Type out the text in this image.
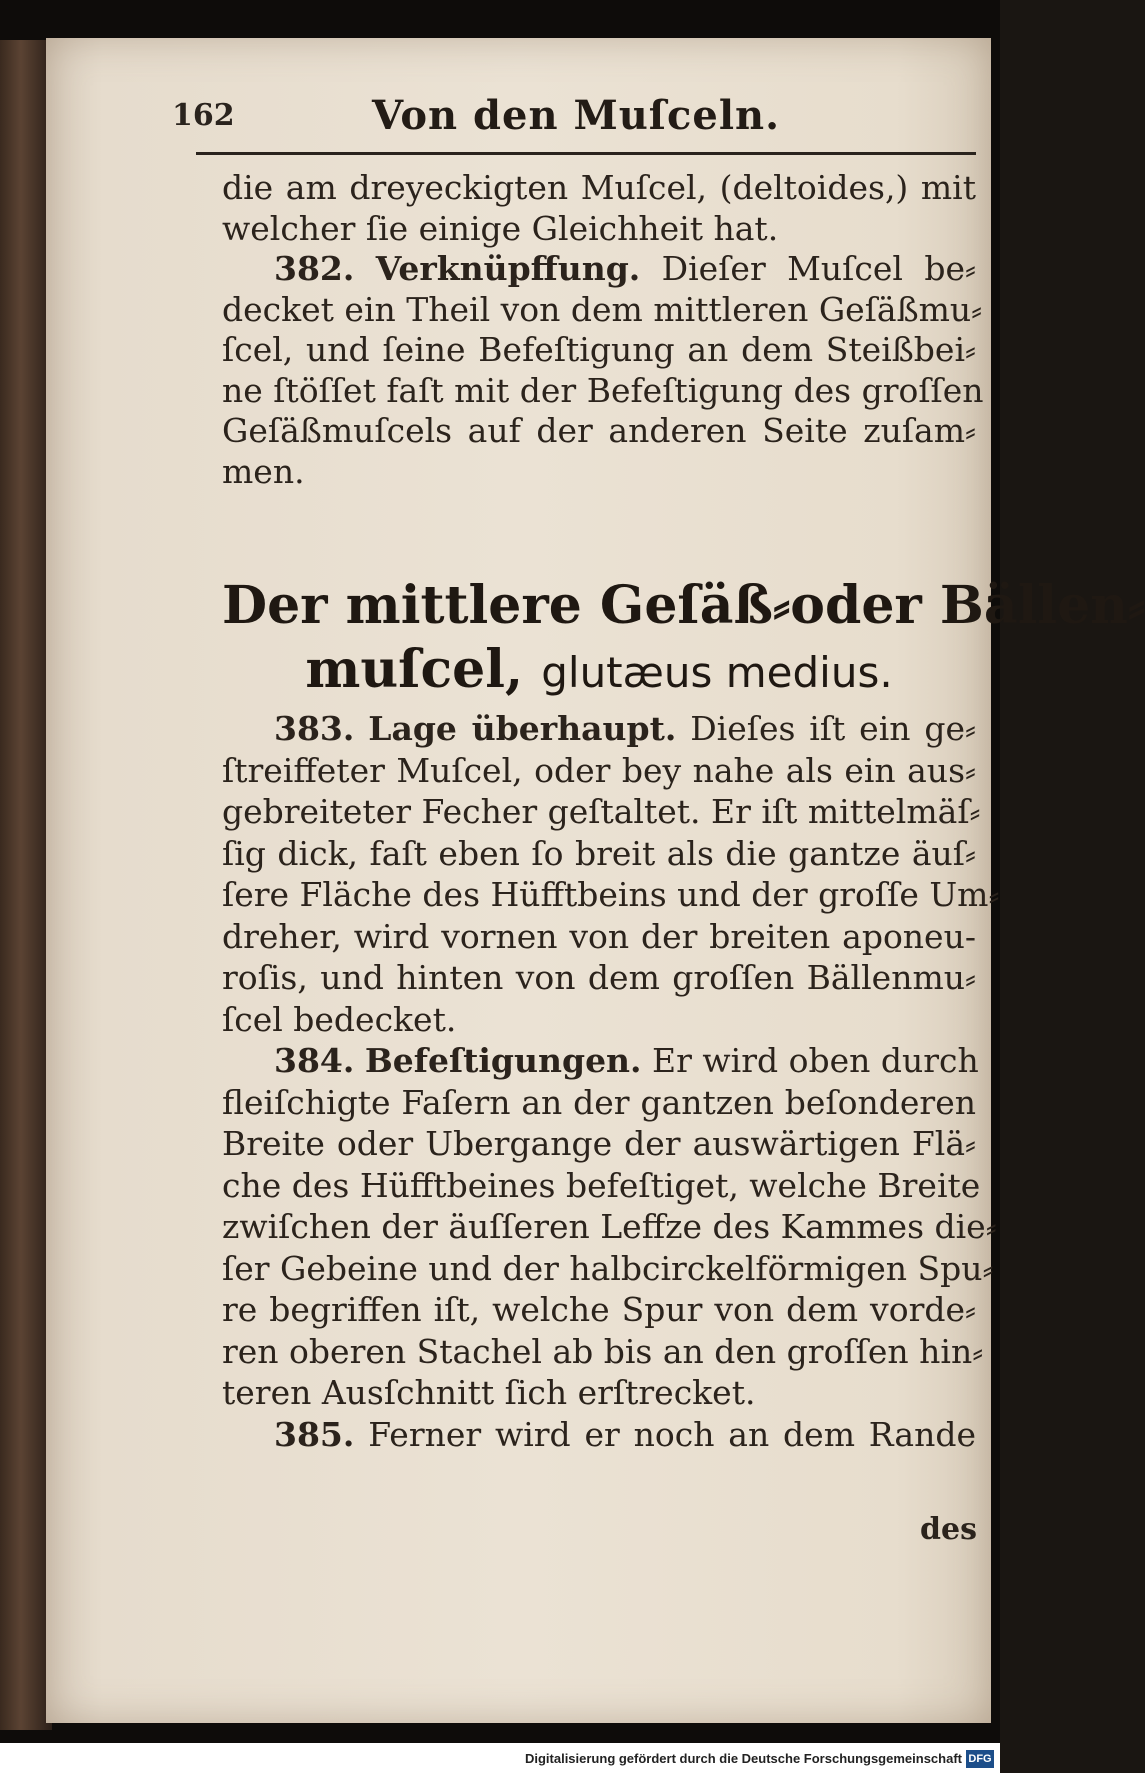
162	Von den Muſceln.
die am dreyeckigten Muſcel, (deltoides,) mit
welcher ſie einige Gleichheit hat.
382. Verknüpffung. Dieſer Muſcel be⸗
decket ein Theil von dem mittleren Geſäßmu⸗
ſcel, und ſeine Befeſtigung an dem Steißbei⸗
ne ſtöſſet faſt mit der Befeſtigung des groſſen
Geſäßmuſcels auf der anderen Seite zuſam⸗
men.
Der mittlere Geſäß⸗oder Bällen⸗
muſcel, glutæus medius.
383. Lage überhaupt. Dieſes iſt ein ge⸗
ſtreiffeter Muſcel, oder bey nahe als ein aus⸗
gebreiteter Fecher geſtaltet. Er iſt mittelmäſ⸗
ſig dick, faſt eben ſo breit als die gantze äuſ⸗
ſere Fläche des Hüfftbeins und der groſſe Um⸗
dreher, wird vornen von der breiten aponeu-
roſis, und hinten von dem groſſen Bällenmu⸗
ſcel bedecket.
384. Befeſtigungen. Er wird oben durch
fleiſchigte Faſern an der gantzen beſonderen
Breite oder Ubergange der auswärtigen Flä⸗
che des Hüfftbeines befeſtiget, welche Breite
zwiſchen der äuſſeren Leffze des Kammes die⸗
ſer Gebeine und der halbcirckelförmigen Spu⸗
re begriffen iſt, welche Spur von dem vorde⸗
ren oberen Stachel ab bis an den groſſen hin⸗
teren Ausſchnitt ſich erſtrecket.
385. Ferner wird er noch an dem Rande
des
Digitalisierung gefördert durch die Deutsche Forschungsgemeinschaft DFG
